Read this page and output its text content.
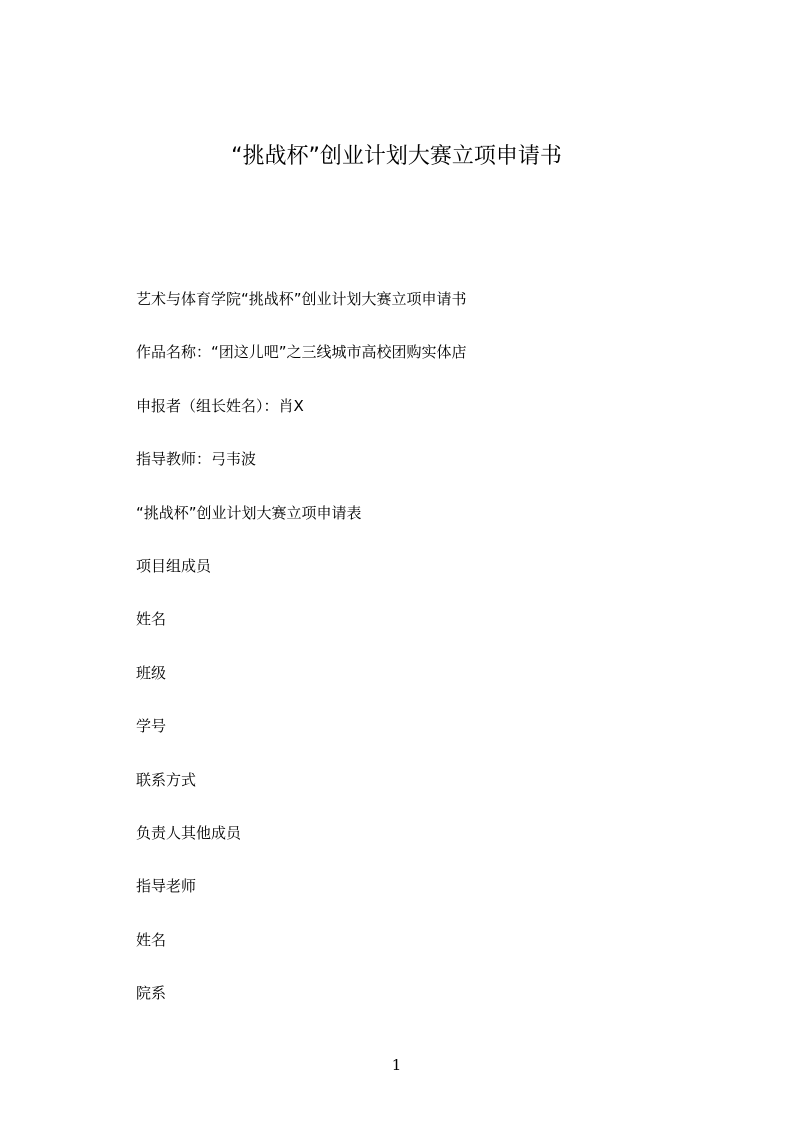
“挑战杯”创业计划大赛立项申请书
艺术与体育学院“挑战杯”创业计划大赛立项申请书
作品名称：“团这儿吧”之三线城市高校团购实体店
申报者（组长姓名）：肖X
指导教师：弓韦波
“挑战杯”创业计划大赛立项申请表
项目组成员
姓名
班级
学号
联系方式
负责人其他成员
指导老师
姓名
院系
1
